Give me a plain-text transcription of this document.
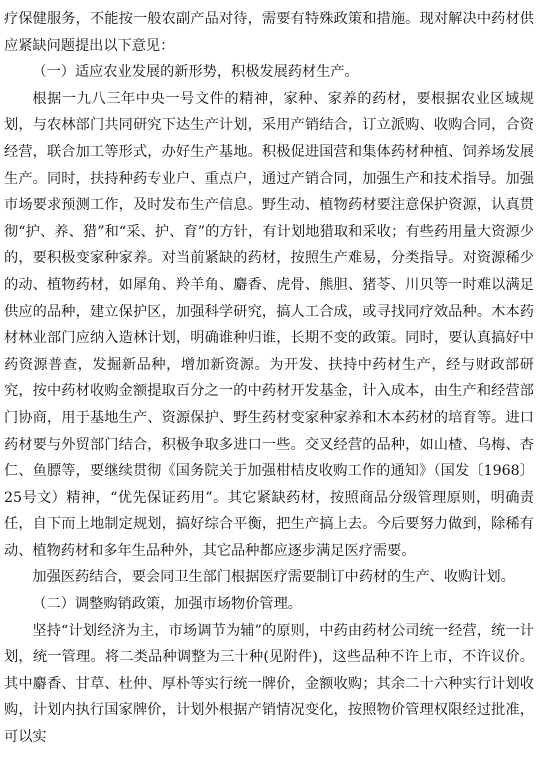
疗保健服务，不能按一般农副产品对待，需要有特殊政策和措施。现对解决中药材供应紧缺问题提出以下意见：

（一）适应农业发展的新形势，积极发展药材生产。

根据一九八三年中央一号文件的精神，家种、家养的药材，要根据农业区域规划，与农林部门共同研究下达生产计划，采用产销结合，订立派购、收购合同，合资经营，联合加工等形式，办好生产基地。积极促进国营和集体药材种植、饲养场发展生产。同时，扶持种药专业户、重点户，通过产销合同，加强生产和技术指导。加强市场要求预测工作，及时发布生产信息。野生动、植物药材要注意保护资源，认真贯彻“护、养、猎”和“采、护、育”的方针，有计划地猎取和采收；有些药用量大资源少的，要积极变家种家养。对当前紧缺的药材，按照生产难易，分类指导。对资源稀少的动、植物药材，如犀角、羚羊角、麝香、虎骨、熊胆、猪苓、川贝等一时难以满足供应的品种，建立保护区，加强科学研究，搞人工合成，或寻找同疗效品种。木本药材林业部门应纳入造林计划，明确谁种归谁，长期不变的政策。同时，要认真搞好中药资源普查，发掘新品种，增加新资源。为开发、扶持中药材生产，经与财政部研究，按中药材收购金额提取百分之一的中药材开发基金，计入成本，由生产和经营部门协商，用于基地生产、资源保护、野生药材变家种家养和木本药材的培育等。进口药材要与外贸部门结合，积极争取多进口一些。交叉经营的品种，如山楂、乌梅、杏仁、鱼膘等，要继续贯彻《国务院关于加强柑桔皮收购工作的通知》（国发〔1968〕25号文）精神，“优先保证药用”。其它紧缺药材，按照商品分级管理原则，明确责任，自下而上地制定规划，搞好综合平衡，把生产搞上去。今后要努力做到，除稀有动、植物药材和多年生品种外，其它品种都应逐步满足医疗需要。

加强医药结合，要会同卫生部门根据医疗需要制订中药材的生产、收购计划。

（二）调整购销政策，加强市场物价管理。

坚持“计划经济为主，市场调节为辅”的原则，中药由药材公司统一经营，统一计划，统一管理。将二类品种调整为三十种(见附件)，这些品种不许上市，不许议价。其中麝香、甘草、杜仲、厚朴等实行统一牌价，金额收购；其余二十六种实行计划收购，计划内执行国家牌价，计划外根据产销情况变化，按照物价管理权限经过批准，可以实
